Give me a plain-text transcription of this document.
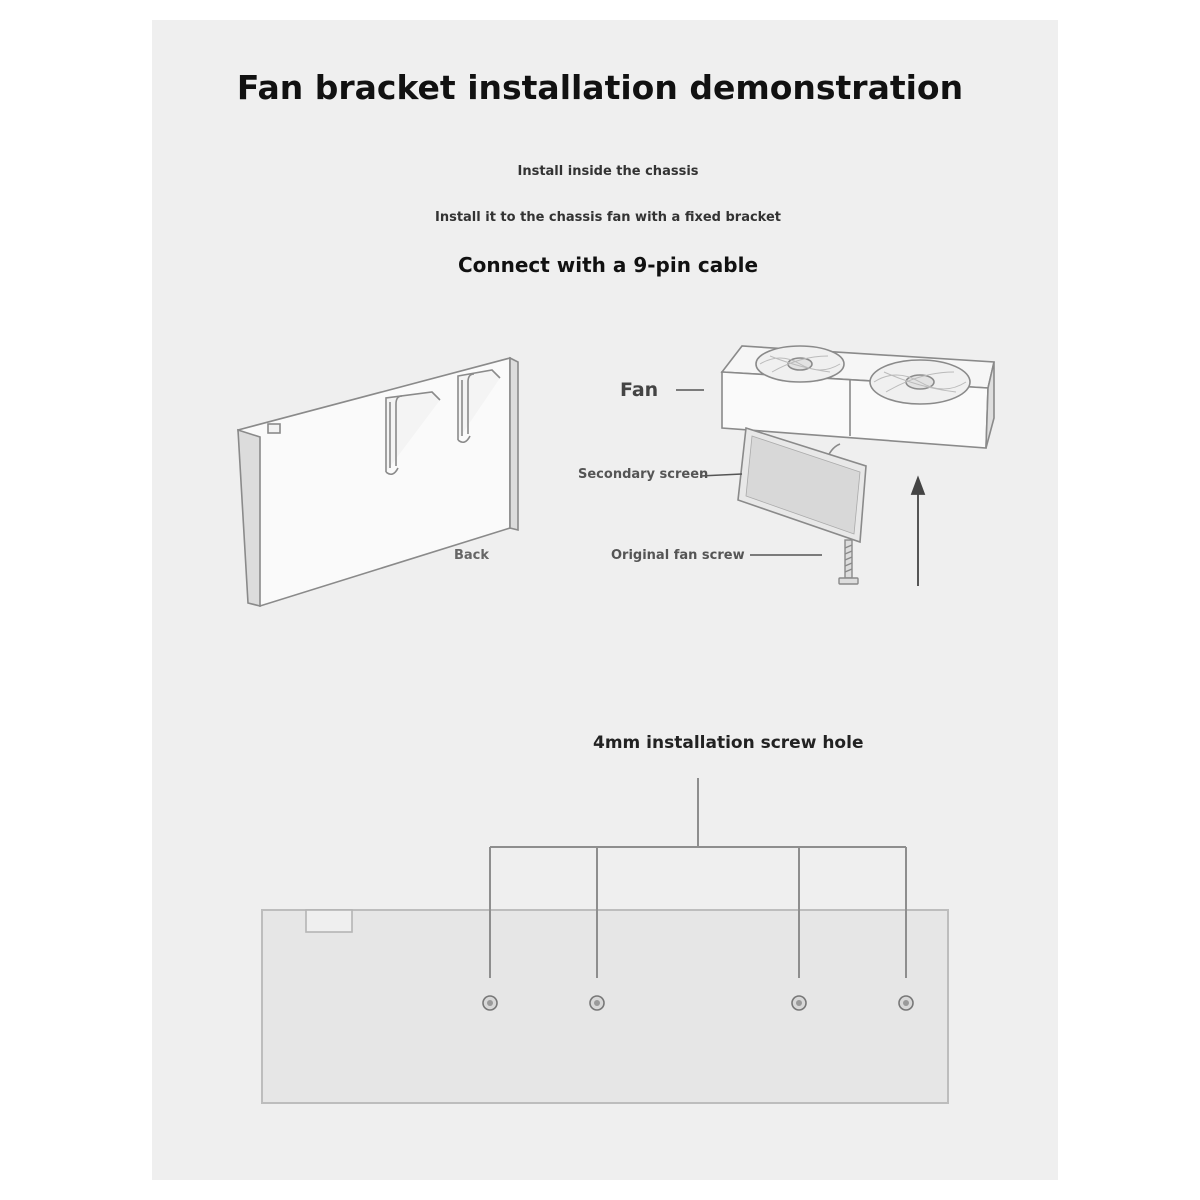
Fan bracket installation demonstration
Install inside the chassis
Install it to the chassis fan with a fixed bracket
Connect with a 9-pin cable
Fan
Secondary screen
Back	Original fan screw
4mm installation screw hole
